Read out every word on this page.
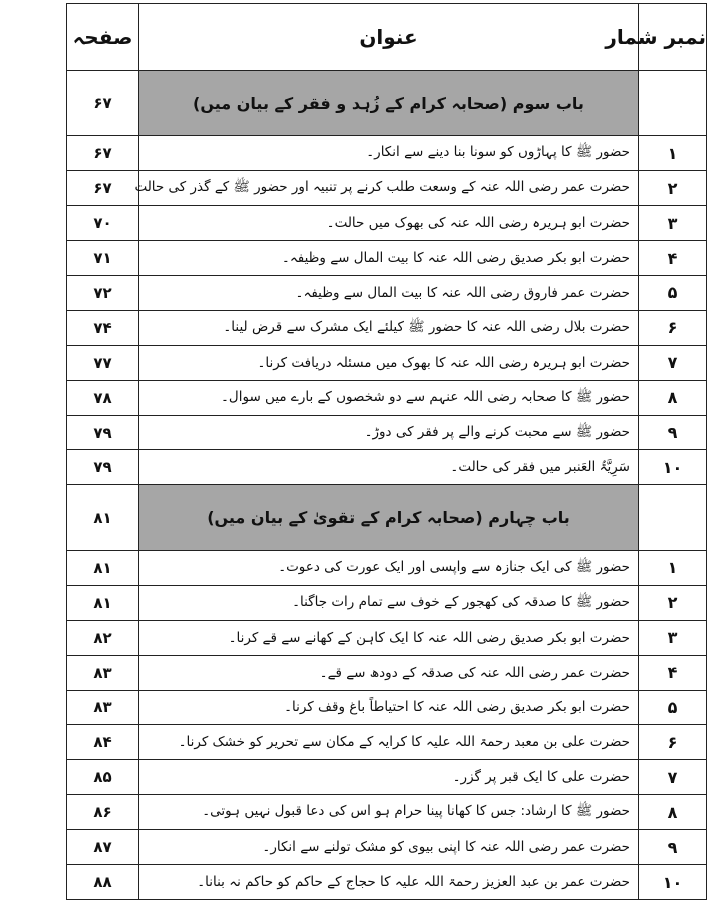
نمبر شمار	عنوان	صفحہ
	باب سوم (صحابہ کرام کے زُہد و فقر کے بیان میں)	۶۷
۱	حضور ﷺ کا پہاڑوں کو سونا بنا دینے سے انکار۔	۶۷
۲	حضرت عمر رضی اللہ عنہ کے وسعت طلب کرنے پر تنبیہ اور حضور ﷺ کے گذر کی حالت	۶۷
۳	حضرت ابو ہریرہ رضی اللہ عنہ کی بھوک میں حالت۔	۷۰
۴	حضرت ابو بکر صدیق رضی اللہ عنہ کا بیت المال سے وظیفہ۔	۷۱
۵	حضرت عمر فاروق رضی اللہ عنہ کا بیت المال سے وظیفہ۔	۷۲
۶	حضرت بلال رضی اللہ عنہ کا حضور ﷺ کیلئے ایک مشرک سے قرض لینا۔	۷۴
۷	حضرت ابو ہریرہ رضی اللہ عنہ کا بھوک میں مسئلہ دریافت کرنا۔	۷۷
۸	حضور ﷺ کا صحابہ رضی اللہ عنہم سے دو شخصوں کے بارے میں سوال۔	۷۸
۹	حضور ﷺ سے محبت کرنے والے پر فقر کی دوڑ۔	۷۹
۱۰	سَرِیَّۃُ العَنبر میں فقر کی حالت۔	۷۹
	باب چہارم (صحابہ کرام کے تقویٰ کے بیان میں)	۸۱
۱	حضور ﷺ کی ایک جنازہ سے واپسی اور ایک عورت کی دعوت۔	۸۱
۲	حضور ﷺ کا صدقہ کی کھجور کے خوف سے تمام رات جاگنا۔	۸۱
۳	حضرت ابو بکر صدیق رضی اللہ عنہ کا ایک کاہن کے کھانے سے قے کرنا۔	۸۲
۴	حضرت عمر رضی اللہ عنہ کی صدقہ کے دودھ سے قے۔	۸۳
۵	حضرت ابو بکر صدیق رضی اللہ عنہ کا احتیاطاً باغ وقف کرنا۔	۸۳
۶	حضرت علی بن معبد رحمۃ اللہ علیہ کا کرایہ کے مکان سے تحریر کو خشک کرنا۔	۸۴
۷	حضرت علی کا ایک قبر پر گزر۔	۸۵
۸	حضور ﷺ کا ارشاد: جس کا کھانا پینا حرام ہو اس کی دعا قبول نہیں ہوتی۔	۸۶
۹	حضرت عمر رضی اللہ عنہ کا اپنی بیوی کو مشک تولنے سے انکار۔	۸۷
۱۰	حضرت عمر بن عبد العزیز رحمۃ اللہ علیہ کا حجاج کے حاکم کو حاکم نہ بنانا۔	۸۸
